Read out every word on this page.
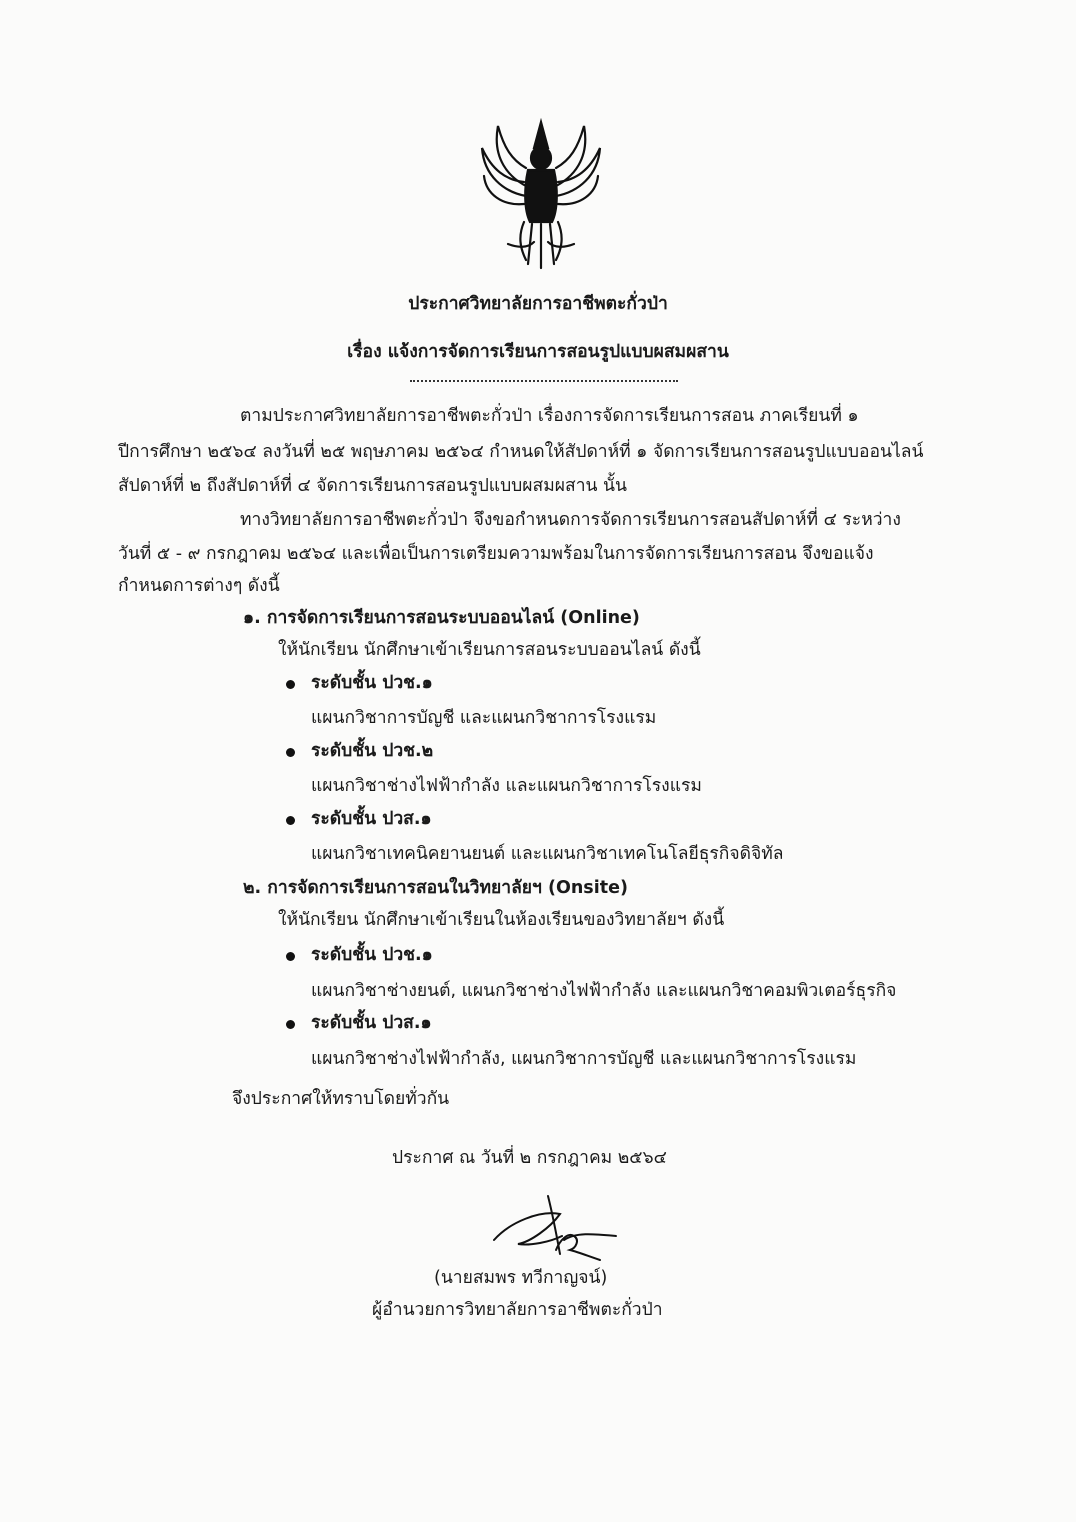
ประกาศวิทยาลัยการอาชีพตะกั่วป่า
เรื่อง แจ้งการจัดการเรียนการสอนรูปแบบผสมผสาน
ตามประกาศวิทยาลัยการอาชีพตะกั่วป่า เรื่องการจัดการเรียนการสอน ภาคเรียนที่ ๑
ปีการศึกษา ๒๕๖๔ ลงวันที่ ๒๕ พฤษภาคม ๒๕๖๔ กำหนดให้สัปดาห์ที่ ๑ จัดการเรียนการสอนรูปแบบออนไลน์
สัปดาห์ที่ ๒ ถึงสัปดาห์ที่ ๔ จัดการเรียนการสอนรูปแบบผสมผสาน นั้น
ทางวิทยาลัยการอาชีพตะกั่วป่า จึงขอกำหนดการจัดการเรียนการสอนสัปดาห์ที่ ๔ ระหว่าง
วันที่ ๕ - ๙ กรกฎาคม ๒๕๖๔ และเพื่อเป็นการเตรียมความพร้อมในการจัดการเรียนการสอน จึงขอแจ้ง
กำหนดการต่างๆ ดังนี้
๑. การจัดการเรียนการสอนระบบออนไลน์ (Online)
ให้นักเรียน นักศึกษาเข้าเรียนการสอนระบบออนไลน์ ดังนี้
ระดับชั้น ปวช.๑
แผนกวิชาการบัญชี และแผนกวิชาการโรงแรม
ระดับชั้น ปวช.๒
แผนกวิชาช่างไฟฟ้ากำลัง และแผนกวิชาการโรงแรม
ระดับชั้น ปวส.๑
แผนกวิชาเทคนิคยานยนต์ และแผนกวิชาเทคโนโลยีธุรกิจดิจิทัล
๒. การจัดการเรียนการสอนในวิทยาลัยฯ (Onsite)
ให้นักเรียน นักศึกษาเข้าเรียนในห้องเรียนของวิทยาลัยฯ ดังนี้
ระดับชั้น ปวช.๑
แผนกวิชาช่างยนต์, แผนกวิชาช่างไฟฟ้ากำลัง และแผนกวิชาคอมพิวเตอร์ธุรกิจ
ระดับชั้น ปวส.๑
แผนกวิชาช่างไฟฟ้ากำลัง, แผนกวิชาการบัญชี และแผนกวิชาการโรงแรม
จึงประกาศให้ทราบโดยทั่วกัน
ประกาศ ณ วันที่ ๒ กรกฎาคม ๒๕๖๔
(นายสมพร ทวีกาญจน์)
ผู้อำนวยการวิทยาลัยการอาชีพตะกั่วป่า
